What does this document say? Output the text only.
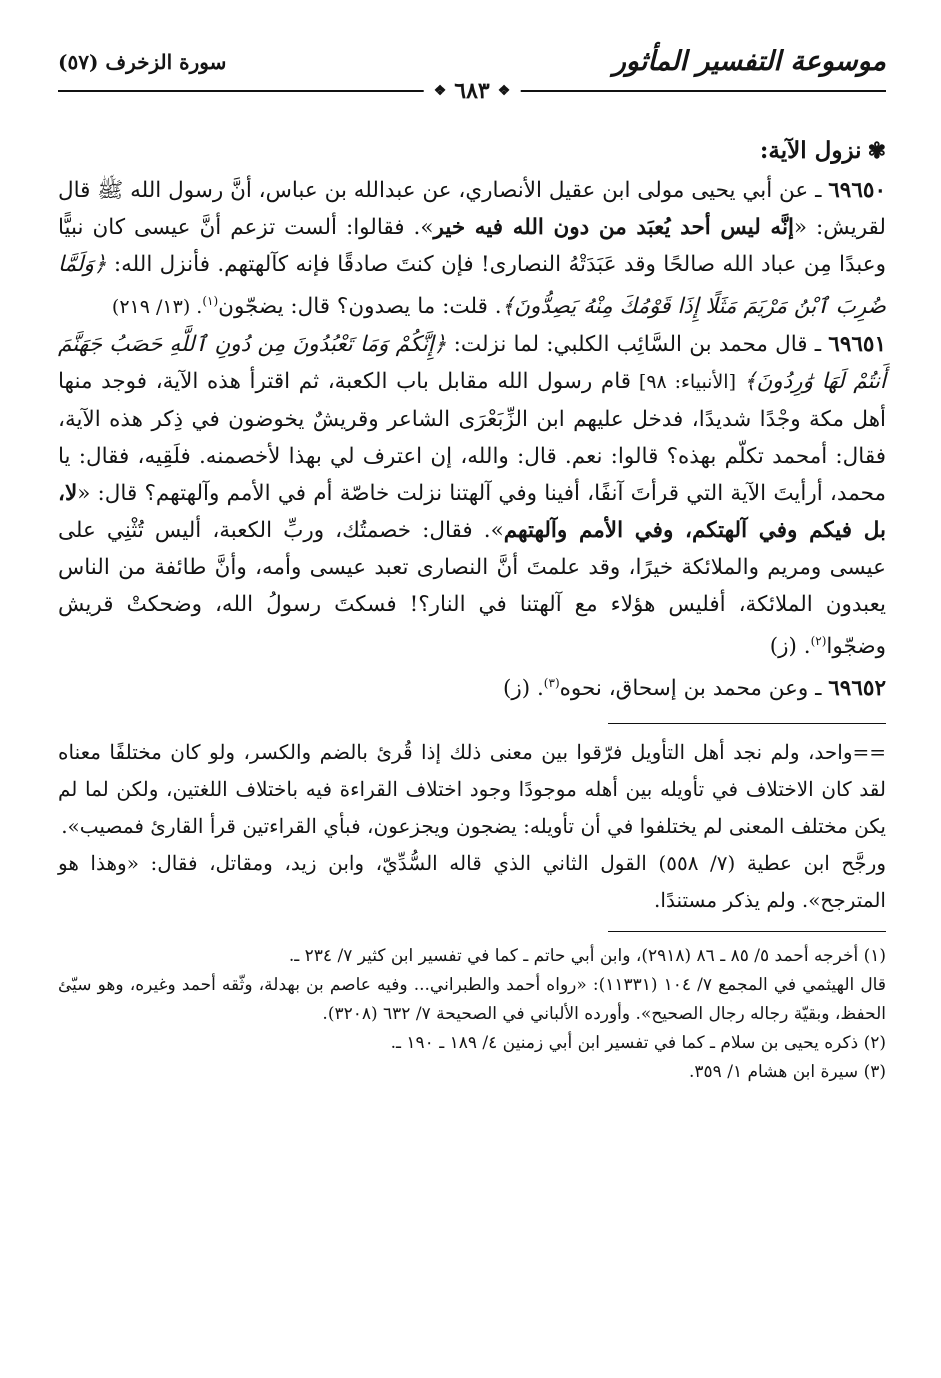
موسوعة التفسير المأثور
سورة الزخرف (٥٧)
❖
٦٨٣
❖
✾نزول الآية:

٦٩٦٥٠ ـ عن أبي يحيى مولى ابن عقيل الأنصاري، عن عبدالله بن عباس، أنَّ رسول الله ﷺ قال لقريش: «إنَّه ليس أحد يُعبَد من دون الله فيه خير». فقالوا: ألست تزعم أنَّ عيسى كان نبيًّا وعبدًا مِن عباد الله صالحًا وقد عَبَدَتْهُ النصارى! فإن كنتَ صادقًا فإنه كآلهتهم. فأنزل الله: ﴿وَلَمَّا ضُرِبَ ٱبْنُ مَرْيَمَ مَثَلًا إِذَا قَوْمُكَ مِنْهُ يَصِدُّونَ﴾. قلت: ما يصدون؟ قال: يضجّون$^{(١)}$. (١٣/ ٢١٩)

٦٩٦٥١ ـ قال محمد بن السَّائِب الكلبي: لما نزلت: ﴿إِنَّكُمْ وَمَا تَعْبُدُونَ مِن دُونِ ٱللَّهِ حَصَبُ جَهَنَّمَ أَنتُمْ لَهَا وَٰرِدُونَ﴾ [الأنبياء: ٩٨] قام رسول الله مقابل باب الكعبة، ثم اقترأ هذه الآية، فوجد منها أهل مكة وجْدًا شديدًا، فدخل عليهم ابن الزِّبَعْرَى الشاعر وقريشٌ يخوضون في ذِكر هذه الآية، فقال: أمحمد تكلّم بهذه؟ قالوا: نعم. قال: والله، إن اعترف لي بهذا لأخصمنه. فلَقِيه، فقال: يا محمد، أرأيتَ الآية التي قرأتَ آنفًا، أفينا وفي آلهتنا نزلت خاصّة أم في الأمم وآلهتهم؟ قال: «لا، بل فيكم وفي آلهتكم، وفي الأمم وآلهتهم». فقال: خصمتُك، وربِّ الكعبة، أليس تُثْنِي على عيسى ومريم والملائكة خيرًا، وقد علمتَ أنَّ النصارى تعبد عيسى وأمه، وأنَّ طائفة من الناس يعبدون الملائكة، أفليس هؤلاء مع آلهتنا في النار؟! فسكتَ رسولُ الله، وضحكتْ قريش وضجّوا$^{(٢)}$. (ز)

٦٩٦٥٢ ـ وعن محمد بن إسحاق، نحوه$^{(٣)}$. (ز)

==واحد، ولم نجد أهل التأويل فرّقوا بين معنى ذلك إذا قُرئ بالضم والكسر، ولو كان مختلفًا معناه لقد كان الاختلاف في تأويله بين أهله موجودًا وجود اختلاف القراءة فيه باختلاف اللغتين، ولكن لما لم يكن مختلف المعنى لم يختلفوا في أن تأويله: يضجون ويجزعون، فبأي القراءتين قرأ القارئ فمصيب».

ورجَّح ابن عطية (٧/ ٥٥٨) القول الثاني الذي قاله السُّدِّيّ، وابن زيد، ومقاتل، فقال: «وهذا هو المترجح». ولم يذكر مستندًا.

(١) أخرجه أحمد ٥/ ٨٥ ـ ٨٦ (٢٩١٨)، وابن أبي حاتم ـ كما في تفسير ابن كثير ٧/ ٢٣٤ ـ.

قال الهيثمي في المجمع ٧/ ١٠٤ (١١٣٣١): «رواه أحمد والطبراني... وفيه عاصم بن بهدلة، وثّقه أحمد وغيره، وهو سيّئ الحفظ، وبقيّة رجاله رجال الصحيح». وأورده الألباني في الصحيحة ٧/ ٦٣٢ (٣٢٠٨).

(٢) ذكره يحيى بن سلام ـ كما في تفسير ابن أبي زمنين ٤/ ١٨٩ ـ ١٩٠ ـ.

(٣) سيرة ابن هشام ١/ ٣٥٩.
